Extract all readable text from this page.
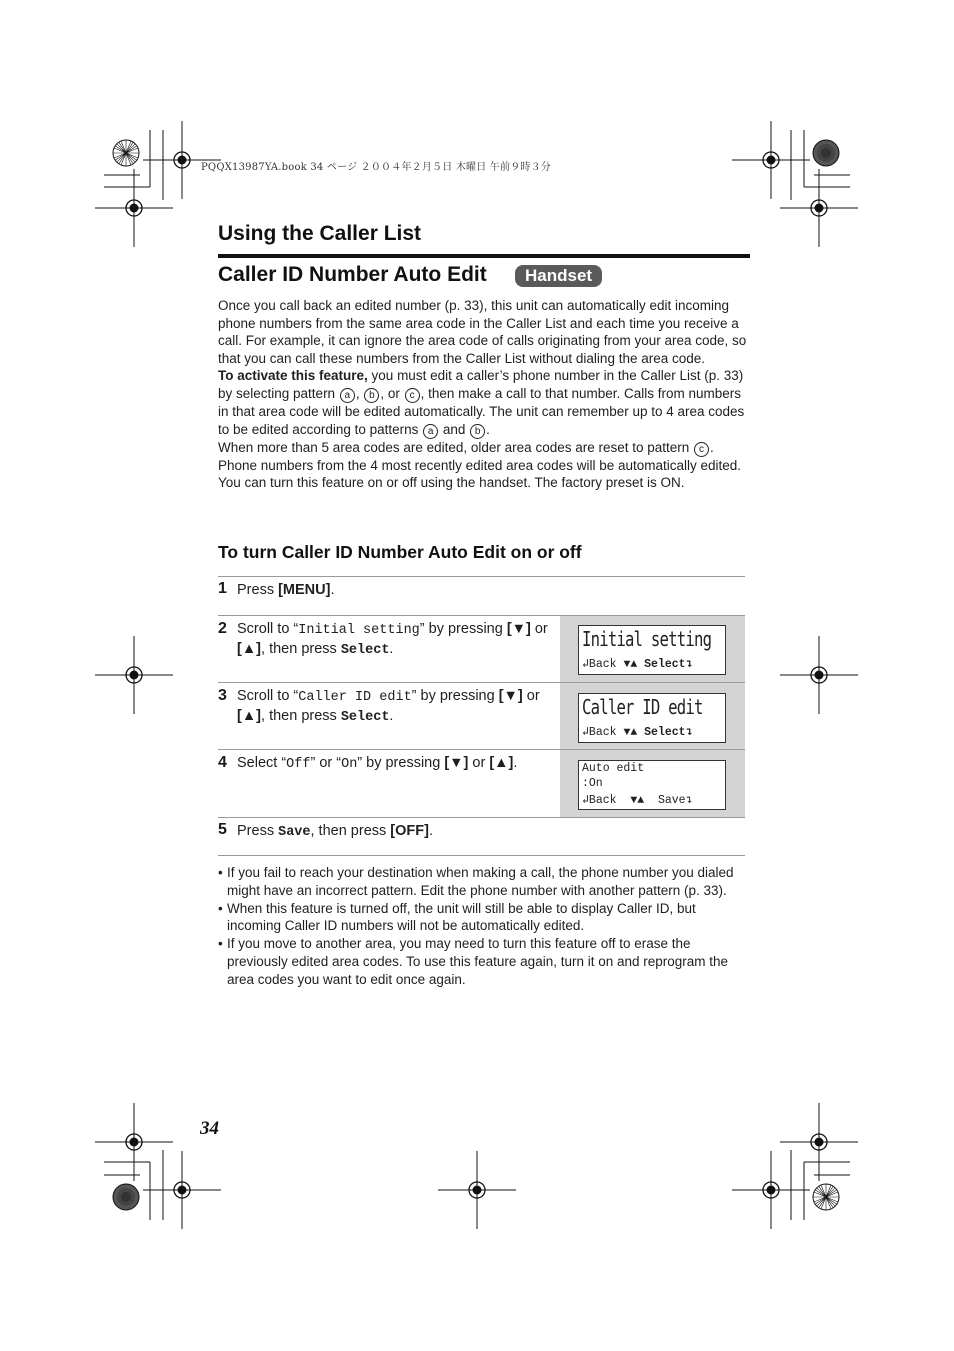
PQQX13987YA.book 34 ページ ２００４年２月５日 木曜日 午前９時３分
Using the Caller List
Caller ID Number Auto Edit	Handset

Once you call back an edited number (p. 33), this unit can automatically edit incoming phone numbers from the same area code in the Caller List and each time you receive a call. For example, it can ignore the area code of calls originating from your area code, so that you can call these numbers from the Caller List without dialing the area code.

To activate this feature, you must edit a caller’s phone number in the Caller List (p. 33) by selecting pattern a , b , or c , then make a call to that number. Calls from numbers in that area code will be edited automatically. The unit can remember up to 4 area codes to be edited according to patterns a and b .

When more than 5 area codes are edited, older area codes are reset to pattern c . Phone numbers from the 4 most recently edited area codes will be automatically edited.

You can turn this feature on or off using the handset. The factory preset is ON.

To turn Caller ID Number Auto Edit on or off
1 Press [MENU].
2 Scroll to “Initial setting” by pressing [▼] or [▲], then press Select.	Initial setting
↲Back ▼▲ Select↴
3 Scroll to “Caller ID edit” by pressing [▼] or [▲], then press Select.	Caller ID edit
↲Back ▼▲ Select↴
4 Select “Off” or “On” by pressing [▼] or [▲].	Auto edit
:On
↲Back ▼▲ Save↴
5 Press Save, then press [OFF].
• If you fail to reach your destination when making a call, the phone number you dialed might have an incorrect pattern. Edit the phone number with another pattern (p. 33).
• When this feature is turned off, the unit will still be able to display Caller ID, but incoming Caller ID numbers will not be automatically edited.
• If you move to another area, you may need to turn this feature off to erase the previously edited area codes. To use this feature again, turn it on and reprogram the area codes you want to edit once again.
34
